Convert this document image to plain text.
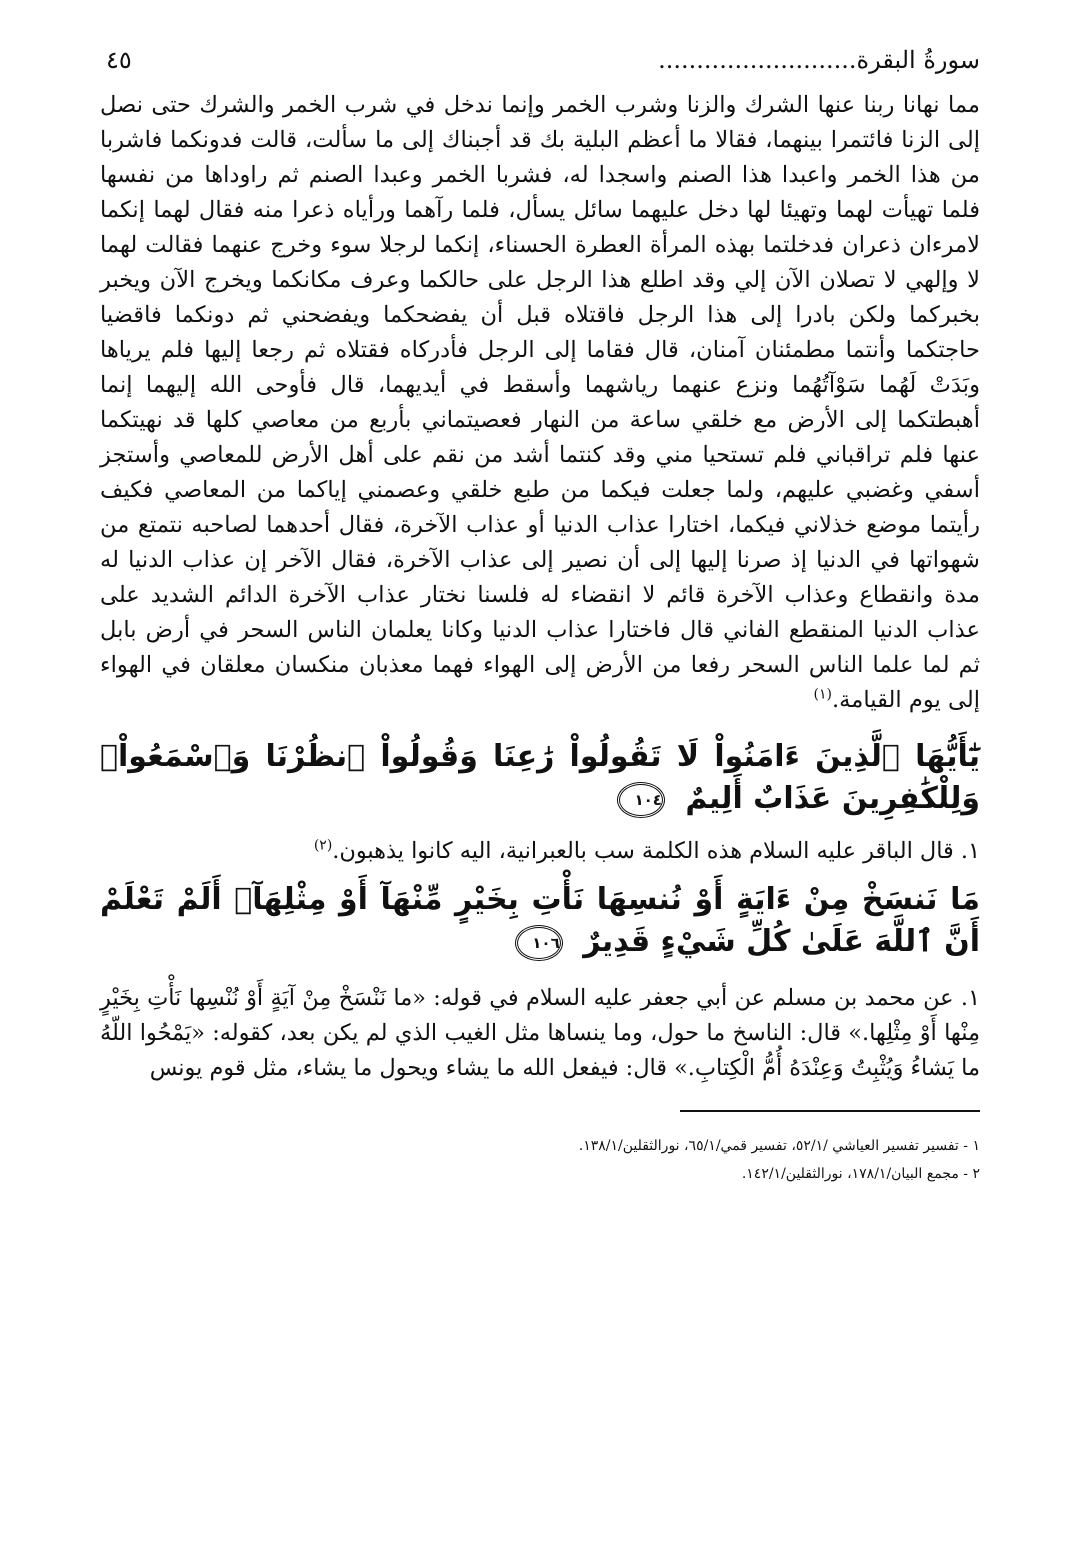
سورةُ البقرة..........................
٤٥

مما نهانا ربنا عنها الشرك والزنا وشرب الخمر وإنما ندخل في شرب الخمر والشرك حتى نصل إلى الزنا فائتمرا بينهما، فقالا ما أعظم البلية بك قد أجبناك إلى ما سألت، قالت فدونكما فاشربا من هذا الخمر واعبدا هذا الصنم واسجدا له، فشربا الخمر وعبدا الصنم ثم راوداها من نفسها فلما تهيأت لهما وتهيئا لها دخل عليهما سائل يسأل، فلما رآهما ورأياه ذعرا منه فقال لهما إنكما لامرءان ذعران فدخلتما بهذه المرأة العطرة الحسناء، إنكما لرجلا سوء وخرج عنهما فقالت لهما لا وإلهي لا تصلان الآن إلي وقد اطلع هذا الرجل على حالكما وعرف مكانكما ويخرج الآن ويخبر بخبركما ولكن بادرا إلى هذا الرجل فاقتلاه قبل أن يفضحكما ويفضحني ثم دونكما فاقضيا حاجتكما وأنتما مطمئنان آمنان، قال فقاما إلى الرجل فأدركاه فقتلاه ثم رجعا إليها فلم يرياها وبَدَتْ لَهُما سَوْآتُهُما ونزع عنهما رياشهما وأسقط في أيديهما، قال فأوحى الله إليهما إنما أهبطتكما إلى الأرض مع خلقي ساعة من النهار فعصيتماني بأربع من معاصي كلها قد نهيتكما عنها فلم تراقباني فلم تستحيا مني وقد كنتما أشد من نقم على أهل الأرض للمعاصي وأستجز أسفي وغضبي عليهم، ولما جعلت فيكما من طبع خلقي وعصمني إياكما من المعاصي فكيف رأيتما موضع خذلاني فيكما، اختارا عذاب الدنيا أو عذاب الآخرة، فقال أحدهما لصاحبه نتمتع من شهواتها في الدنيا إذ صرنا إليها إلى أن نصير إلى عذاب الآخرة، فقال الآخر إن عذاب الدنيا له مدة وانقطاع وعذاب الآخرة قائم لا انقضاء له فلسنا نختار عذاب الآخرة الدائم الشديد على عذاب الدنيا المنقطع الفاني قال فاختارا عذاب الدنيا وكانا يعلمان الناس السحر في أرض بابل ثم لما علما الناس السحر رفعا من الأرض إلى الهواء فهما معذبان منكسان معلقان في الهواء إلى يوم القيامة.$^{(١)}$

يَٰٓأَيُّهَا ٱلَّذِينَ ءَامَنُواْ لَا تَقُولُواْ رَٰعِنَا وَقُولُواْ ٱنظُرْنَا وَٱسْمَعُواْۗ وَلِلْكَٰفِرِينَ عَذَابٌ أَلِيمٌ ١٠٤

١. قال الباقر عليه السلام هذه الكلمة سب بالعبرانية، اليه كانوا يذهبون.$^{(٢)}$

مَا نَنسَخْ مِنْ ءَايَةٍ أَوْ نُنسِهَا نَأْتِ بِخَيْرٍ مِّنْهَآ أَوْ مِثْلِهَآۗ أَلَمْ تَعْلَمْ أَنَّ ٱللَّهَ عَلَىٰ كُلِّ شَيْءٍ قَدِيرٌ ١٠٦

١. عن محمد بن مسلم عن أبي جعفر عليه السلام في قوله: «ما نَنْسَخْ مِنْ آيَةٍ أَوْ نُنْسِها نَأْتِ بِخَيْرٍ مِنْها أَوْ مِثْلِها.» قال: الناسخ ما حول، وما ينساها مثل الغيب الذي لم يكن بعد، كقوله: «يَمْحُوا اللّهُ ما يَشاءُ وَيُثْبِتُ وَعِنْدَهُ أُمُّ الْكِتابِ.» قال: فيفعل الله ما يشاء ويحول ما يشاء، مثل قوم يونس

١ - تفسير تفسير العياشي /٥٢/١، تفسير قمي/٦٥/١، نورالثقلين/١٣٨/١.
٢ - مجمع البيان/١٧٨/١، نورالثقلين/١٤٢/١.
